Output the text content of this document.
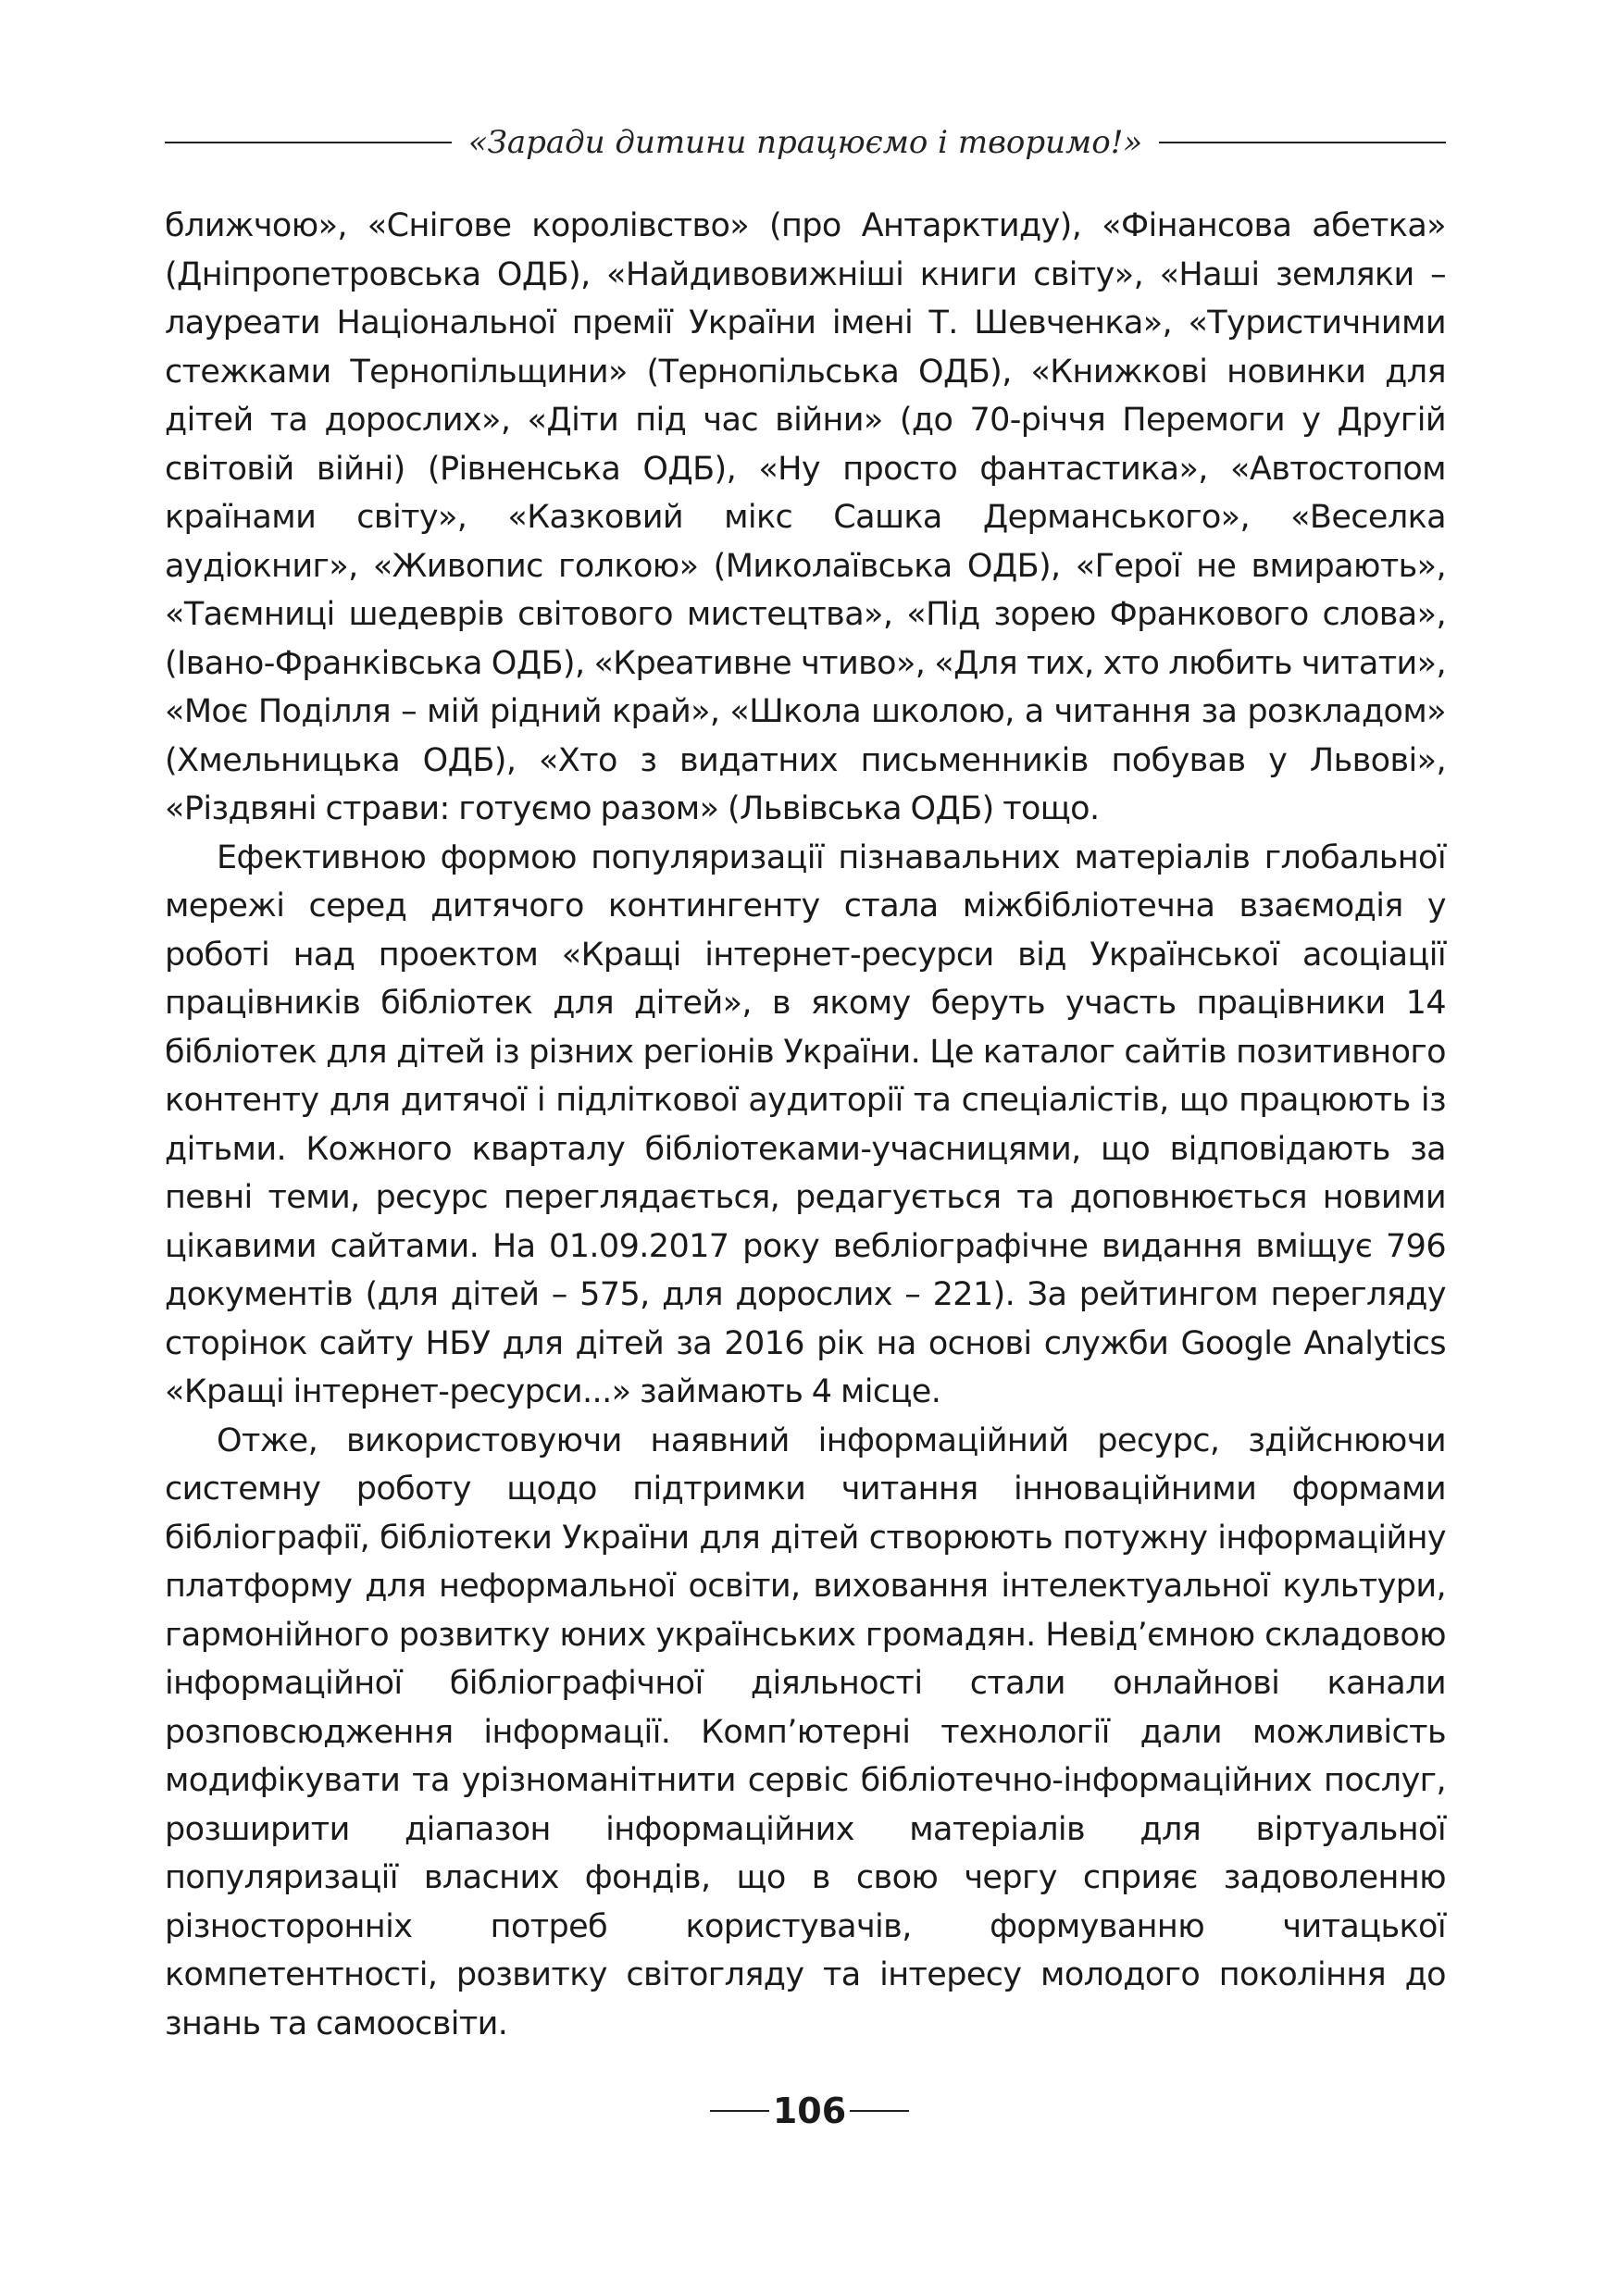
«Заради дитини працюємо і творимо!»

ближчою», «Снігове королівство» (про Антарктиду), «Фінансова абетка» (Дніпропетровська ОДБ), «Найдивовижніші книги світу», «Наші земляки – лауреати Національної премії України імені Т. Шевченка», «Туристичними стежками Тернопільщини» (Тернопільська ОДБ), «Книжкові новинки для дітей та дорослих», «Діти під час війни» (до 70-річчя Перемоги у Другій світовій війні) (Рівненська ОДБ), «Ну просто фантастика», «Автостопом країнами світу», «Казковий мікс Сашка Дерманського», «Веселка аудіокниг», «Живопис голкою» (Миколаївська ОДБ), «Герої не вмирають», «Таємниці шедеврів світового мистецтва», «Під зорею Франкового слова», (Івано-Франківська ОДБ), «Креативне чтиво», «Для тих, хто любить читати», «Моє Поділля – мій рідний край», «Школа школою, а читання за розкладом» (Хмельницька ОДБ), «Хто з видатних письменників побував у Львові», «Різдвяні страви: готуємо разом» (Львівська ОДБ) тощо.

Ефективною формою популяризації пізнавальних матеріалів глобальної мережі серед дитячого контингенту стала міжбібліотечна взаємодія у роботі над проектом «Кращі інтернет-ресурси від Української асоціації працівників бібліотек для дітей», в якому беруть участь працівники 14 бібліотек для дітей із різних регіонів України. Це каталог сайтів позитивного контенту для дитячої і підліткової аудиторії та спеціалістів, що працюють із дітьми. Кожного кварталу бібліотеками-учасницями, що відповідають за певні теми, ресурс переглядається, редагується та доповнюється новими цікавими сайтами. На 01.09.2017 року вебліографічне видання вміщує 796 документів (для дітей – 575, для дорослих – 221). За рейтингом перегляду сторінок сайту НБУ для дітей за 2016 рік на основі служби Google Analytics «Кращі інтернет-ресурси...» займають 4 місце.

Отже, використовуючи наявний інформаційний ресурс, здійснюючи системну роботу щодо підтримки читання інноваційними формами бібліографії, бібліотеки України для дітей створюють потужну інформаційну платформу для неформальної освіти, виховання інтелектуальної культури, гармонійного розвитку юних українських громадян. Невід’ємною складовою інформаційної бібліографічної діяльності стали онлайнові канали розповсюдження інформації. Комп’ютерні технології дали можливість модифікувати та урізноманітнити сервіс бібліотечно-інформаційних послуг, розширити діапазон інформаційних матеріалів для віртуальної популяризації власних фондів, що в свою чергу сприяє задоволенню різносторонніх потреб користувачів, формуванню читацької компетентності, розвитку світогляду та інтересу молодого покоління до знань та самоосвіти.

106
